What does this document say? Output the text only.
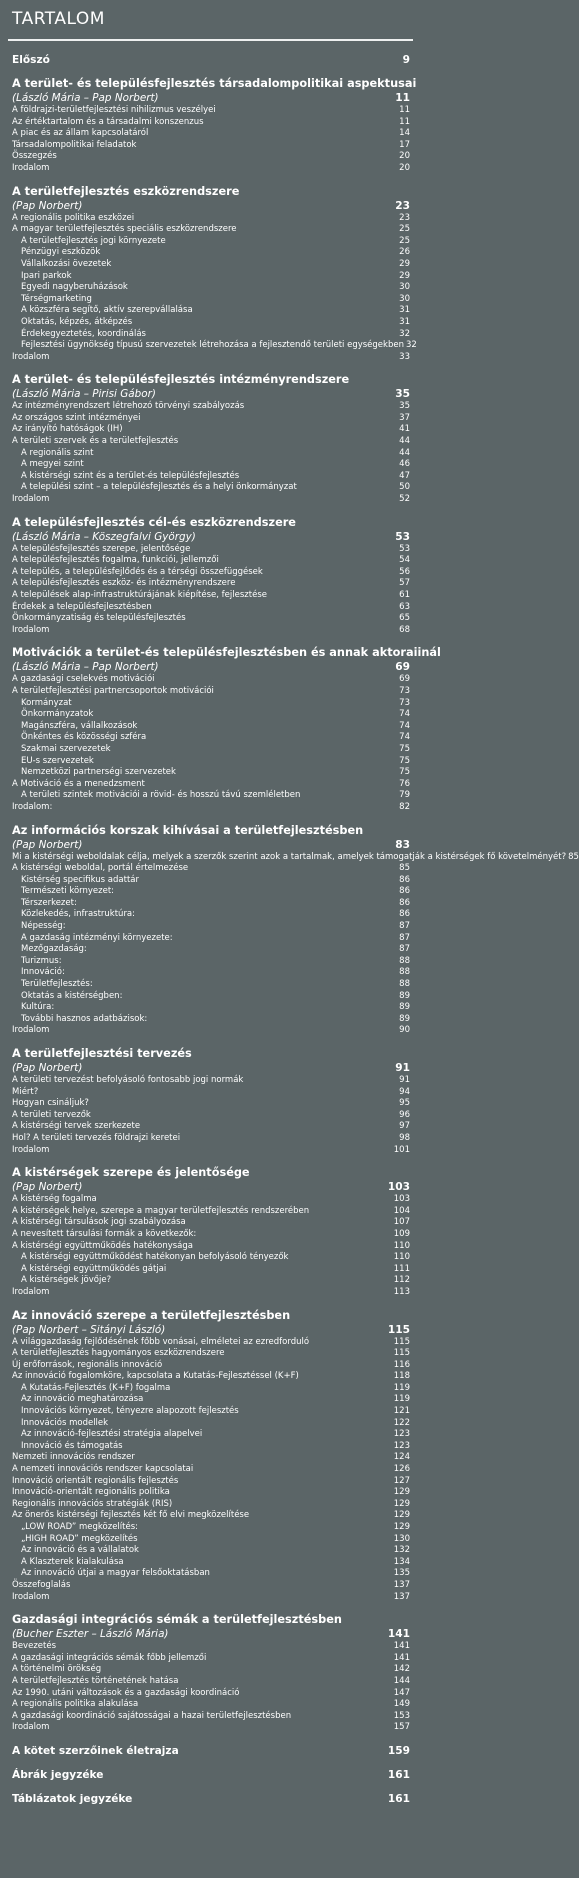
TARTALOM
Előszó	9
A terület- és településfejlesztés társadalompolitikai aspektusai
(László Mária – Pap Norbert)	11
A földrajzi-területfejlesztési nihilizmus veszélyei	11
Az értéktartalom és a társadalmi konszenzus	11
A piac és az állam kapcsolatáról	14
Társadalompolitikai feladatok	17
Összegzés	20
Irodalom	20
A területfejlesztés eszközrendszere
(Pap Norbert)	23
A regionális politika eszközei	23
A magyar területfejlesztés speciális eszközrendszere	25
A területfejlesztés jogi környezete	25
Pénzügyi eszközök	26
Vállalkozási övezetek	29
Ipari parkok	29
Egyedi nagyberuházások	30
Térségmarketing	30
A közszféra segítő, aktív szerepvállalása	31
Oktatás, képzés, átképzés	31
Érdekegyeztetés, koordinálás	32
Fejlesztési ügynökség típusú szervezetek létrehozása a fejlesztendő területi egységekben 32
Irodalom	33
A terület- és településfejlesztés intézményrendszere
(László Mária – Pirisi Gábor)	35
Az intézményrendszert létrehozó törvényi szabályozás	35
Az országos szint intézményei	37
Az irányító hatóságok (IH)	41
A területi szervek és a területfejlesztés	44
A regionális szint	44
A megyei szint	46
A kistérségi szint és a terület-és településfejlesztés	47
A települési szint – a településfejlesztés és a helyi önkormányzat	50
Irodalom	52
A településfejlesztés cél-és eszközrendszere
(László Mária – Köszegfalvi György)	53
A településfejlesztés szerepe, jelentősége	53
A településfejlesztés fogalma, funkciói, jellemzői	54
A település, a településfejlődés és a térségi összefüggések	56
A településfejlesztés eszköz- és intézményrendszere	57
A települések alap-infrastruktúrájának kiépítése, fejlesztése	61
Érdekek a településfejlesztésben	63
Önkormányzatiság és településfejlesztés	65
Irodalom	68
Motivációk a terület-és településfejlesztésben és annak aktoraiinál
(László Mária – Pap Norbert)	69
A gazdasági cselekvés motivációi	69
A területfejlesztési partnercsoportok motivációi	73
Kormányzat	73
Önkormányzatok	74
Magánszféra, vállalkozások	74
Önkéntes és közösségi szféra	74
Szakmai szervezetek	75
EU-s szervezetek	75
Nemzetközi partnerségi szervezetek	75
A Motiváció és a menedzsment	76
A területi szintek motivációi a rövid- és hosszú távú szemléletben	79
Irodalom:	82
Az információs korszak kihívásai a területfejlesztésben
(Pap Norbert)	83
Mi a kistérségi weboldalak célja, melyek a szerzők szerint azok a tartalmak, amelyek támogatják a kistérségek fő követelményét? 85
A kistérségi weboldal, portál értelmezése	85
Kistérség specifikus adattár	86
Természeti környezet:	86
Térszerkezet:	86
Közlekedés, infrastruktúra:	86
Népesség:	87
A gazdaság intézményi környezete:	87
Mezőgazdaság:	87
Turizmus:	88
Innováció:	88
Területfejlesztés:	88
Oktatás a kistérségben:	89
Kultúra:	89
További hasznos adatbázisok:	89
Irodalom	90
A területfejlesztési tervezés
(Pap Norbert)	91
A területi tervezést befolyásoló fontosabb jogi normák	91
Miért?	94
Hogyan csináljuk?	95
A területi tervezők	96
A kistérségi tervek szerkezete	97
Hol? A területi tervezés földrajzi keretei	98
Irodalom	101
A kistérségek szerepe és jelentősége
(Pap Norbert)	103
A kistérség fogalma	103
A kistérségek helye, szerepe a magyar területfejlesztés rendszerében	104
A kistérségi társulások jogi szabályozása	107
A nevesített társulási formák a következők:	109
A kistérségi együttműködés hatékonysága	110
A kistérségi együttműködést hatékonyan befolyásoló tényezők	110
A kistérségi együttműködés gátjai	111
A kistérségek jövője?	112
Irodalom	113
Az innováció szerepe a területfejlesztésben
(Pap Norbert – Sitányi László)	115
A világgazdaság fejlődésének főbb vonásai, elméletei az ezredforduló	115
A területfejlesztés hagyományos eszközrendszere	115
Új erőforrások, regionális innováció	116
Az innováció fogalomköre, kapcsolata a Kutatás-Fejlesztéssel (K+F)	118
A Kutatás-Fejlesztés (K+F) fogalma	119
Az innováció meghatározása	119
Innovációs környezet, tényezre alapozott fejlesztés	121
Innovációs modellek	122
Az innováció-fejlesztési stratégia alapelvei	123
Innováció és támogatás	123
Nemzeti innovációs rendszer	124
A nemzeti innovációs rendszer kapcsolatai	126
Innováció orientált regionális fejlesztés	127
Innováció-orientált regionális politika	129
Regionális innovációs stratégiák (RIS)	129
Az önerős kistérségi fejlesztés két fő elvi megközelítése	129
„LOW ROAD” megközelítés:	129
„HIGH ROAD” megközelítés	130
Az innováció és a vállalatok	132
A Klaszterek kialakulása	134
Az innováció útjai a magyar felsőoktatásban	135
Összefoglalás	137
Irodalom	137
Gazdasági integrációs sémák a területfejlesztésben
(Bucher Eszter – László Mária)	141
Bevezetés	141
A gazdasági integrációs sémák főbb jellemzői	141
A történelmi örökség	142
A területfejlesztés történetének hatása	144
Az 1990. utáni változások és a gazdasági koordináció	147
A regionális politika alakulása	149
A gazdasági koordináció sajátosságai a hazai területfejlesztésben	153
Irodalom	157
A kötet szerzőinek életrajza	159
Ábrák jegyzéke	161
Táblázatok jegyzéke	161
